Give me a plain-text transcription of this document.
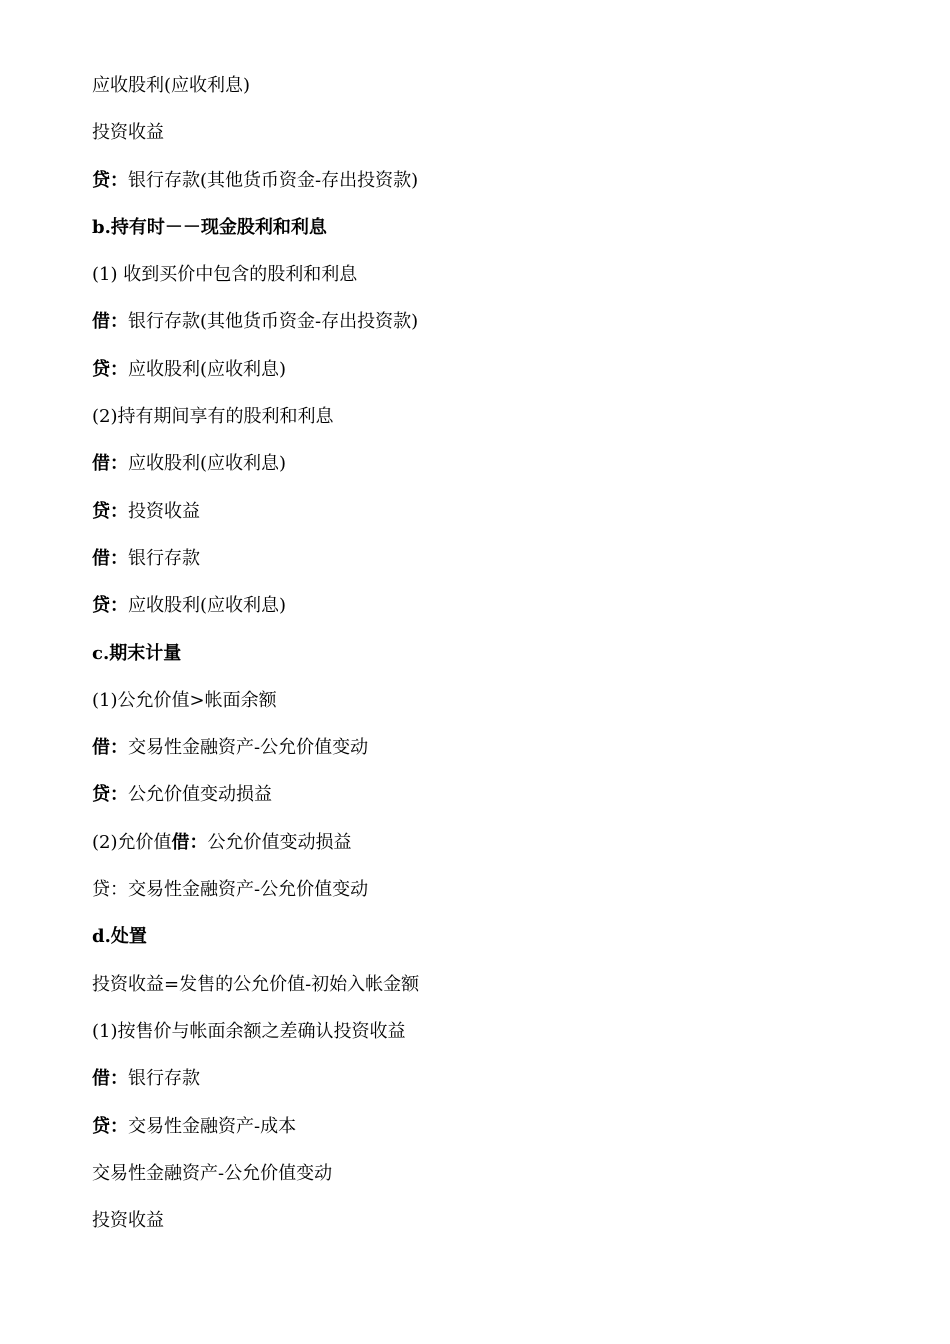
应收股利(应收利息)
投资收益
贷：银行存款(其他货币资金-存出投资款)
b.持有时－－现金股利和利息
(1) 收到买价中包含的股利和利息
借：银行存款(其他货币资金-存出投资款)
贷：应收股利(应收利息)
(2)持有期间享有的股利和利息
借：应收股利(应收利息)
贷：投资收益
借：银行存款
贷：应收股利(应收利息)
c.期末计量
(1)公允价值>帐面余额
借：交易性金融资产-公允价值变动
贷：公允价值变动损益
(2)允价值借：公允价值变动损益
贷：交易性金融资产-公允价值变动
d.处置
投资收益=发售的公允价值-初始入帐金额
(1)按售价与帐面余额之差确认投资收益
借：银行存款
贷：交易性金融资产-成本
交易性金融资产-公允价值变动
投资收益
